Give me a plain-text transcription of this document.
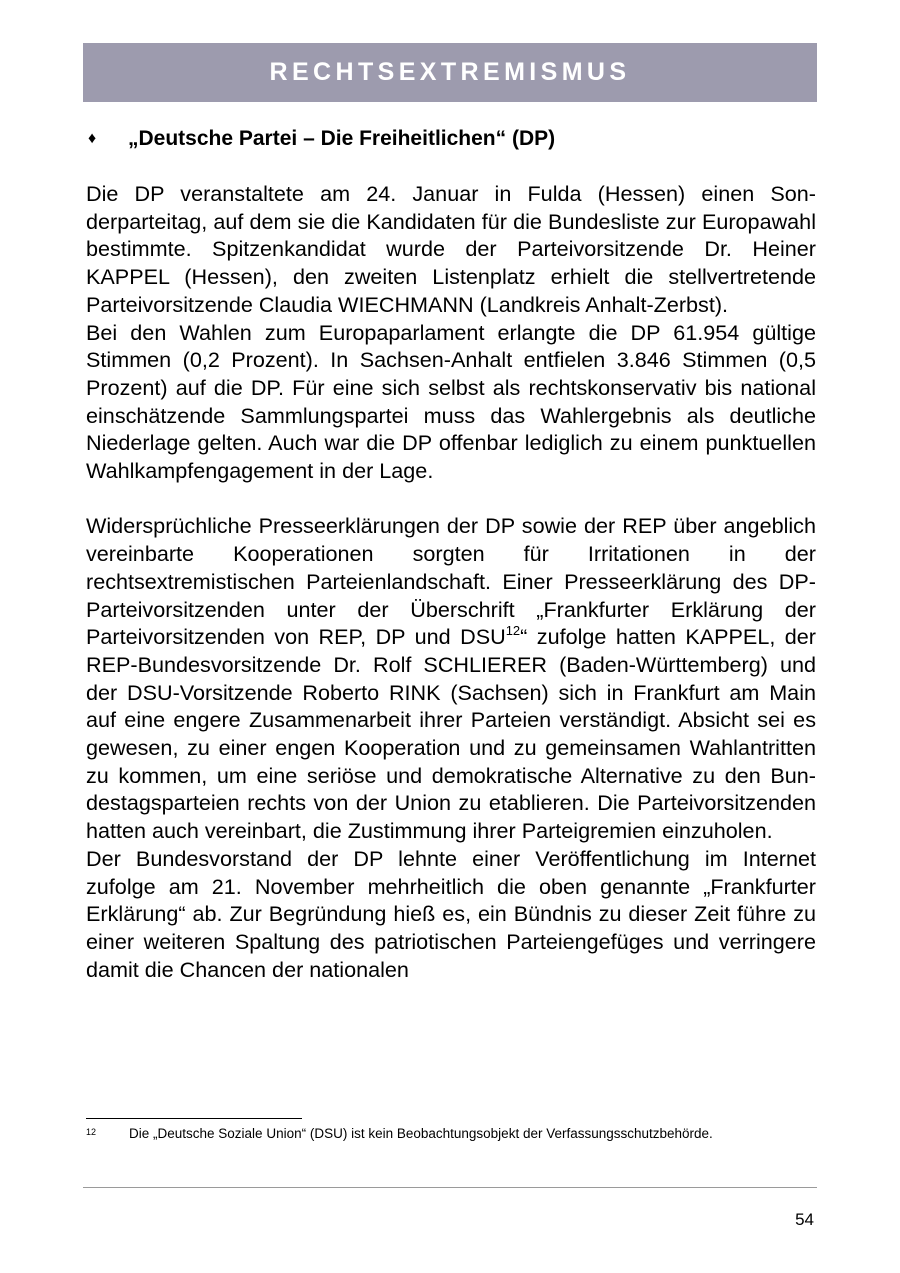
RECHTSEXTREMISMUS
♦	„Deutsche Partei – Die Freiheitlichen“ (DP)

Die DP veranstaltete am 24. Januar in Fulda (Hessen) einen Sonderparteitag, auf dem sie die Kandidaten für die Bundesliste zur Europawahl bestimmte. Spitzenkandidat wurde der Parteivorsitzende Dr. Heiner KAPPEL (Hessen), den zweiten Listenplatz erhielt die stellvertretende Parteivorsitzende Claudia WIECHMANN (Landkreis Anhalt-Zerbst).

Bei den Wahlen zum Europaparlament erlangte die DP 61.954 gültige Stimmen (0,2 Prozent). In Sachsen-Anhalt entfielen 3.846 Stimmen (0,5 Prozent) auf die DP. Für eine sich selbst als rechtskonservativ bis national einschätzende Sammlungspartei muss das Wahlergebnis als deutliche Niederlage gelten. Auch war die DP offenbar lediglich zu einem punktuellen Wahlkampfengagement in der Lage.

Widersprüchliche Presseerklärungen der DP sowie der REP über angeblich vereinbarte Kooperationen sorgten für Irritationen in der rechtsextremistischen Parteienlandschaft. Einer Presseerklärung des DP-Parteivorsitzenden unter der Überschrift „Frankfurter Erklärung der Parteivorsitzenden von REP, DP und DSU$^{12}$“ zufolge hatten KAPPEL, der REP-Bundesvorsitzende Dr. Rolf SCHLIERER (Baden-Württemberg) und der DSU-Vorsitzende Roberto RINK (Sachsen) sich in Frankfurt am Main auf eine engere Zusammenarbeit ihrer Parteien verständigt. Absicht sei es gewesen, zu einer engen Kooperation und zu gemeinsamen Wahlantritten zu kommen, um eine seriöse und demokratische Alternative zu den Bundestagsparteien rechts von der Union zu etablieren. Die Parteivorsitzenden hatten auch vereinbart, die Zustimmung ihrer Parteigremien einzuholen.

Der Bundesvorstand der DP lehnte einer Veröffentlichung im Internet zufolge am 21. November mehrheitlich die oben genannte „Frankfurter Erklärung“ ab. Zur Begründung hieß es, ein Bündnis zu dieser Zeit führe zu einer weiteren Spaltung des patriotischen Parteiengefüges und verringere damit die Chancen der nationalen

12 Die „Deutsche Soziale Union“ (DSU) ist kein Beobachtungsobjekt der Verfassungsschutzbehörde.
54
